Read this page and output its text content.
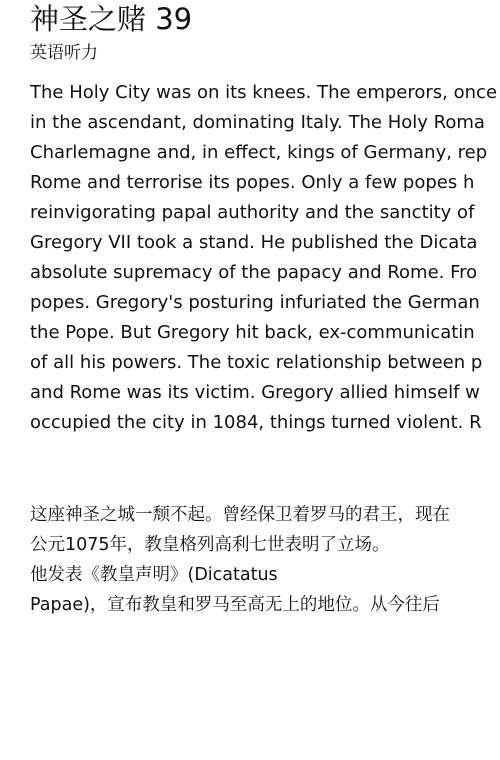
神圣之赌 39
英语听力
The Holy City was on its knees. The emperors, once
in the ascendant, dominating Italy. The Holy Roma
Charlemagne and, in effect, kings of Germany, rep
Rome and terrorise its popes. Only a few popes h
reinvigorating papal authority and the sanctity of
Gregory VII took a stand. He published the Dicata
absolute supremacy of the papacy and Rome. Fro
popes. Gregory's posturing infuriated the German
the Pope. But Gregory hit back, ex-communicatin
of all his powers. The toxic relationship between p
and Rome was its victim. Gregory allied himself w
occupied the city in 1084, things turned violent. R
这座神圣之城一颓不起。曾经保卫着罗马的君王，现在
公元1075年，教皇格列高利七世表明了立场。
他发表《教皇声明》(Dicatatus
Papae)，宣布教皇和罗马至高无上的地位。从今往后
